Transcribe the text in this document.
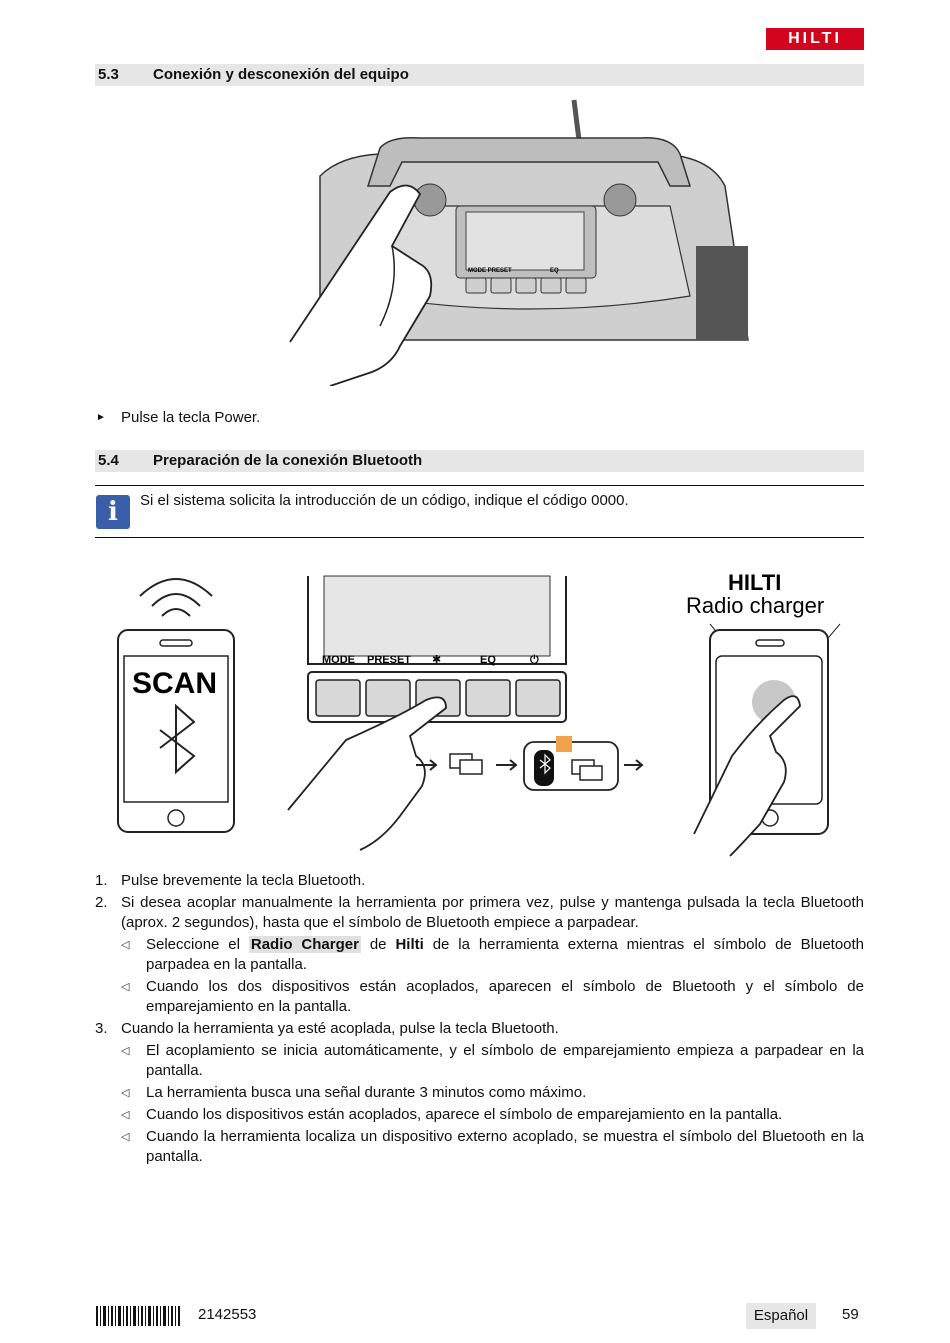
HILTI
5.3 Conexión y desconexión del equipo
MODE PRESET	EQ
► Pulse la tecla Power.
5.4 Preparación de la conexión Bluetooth
i	Si el sistema solicita la introducción de un código, indique el código 0000.
SCAN
MODE PRESET ✱	EQ	⏻
HILTI
Radio charger
1. Pulse brevemente la tecla Bluetooth.
2. Si desea acoplar manualmente la herramienta por primera vez, pulse y mantenga pulsada la tecla Bluetooth (aprox. 2 segundos), hasta que el símbolo de Bluetooth empiece a parpadear.
◁ Seleccione el Radio Charger de Hilti de la herramienta externa mientras el símbolo de Bluetooth parpadea en la pantalla.
◁ Cuando los dos dispositivos están acoplados, aparecen el símbolo de Bluetooth y el símbolo de emparejamiento en la pantalla.
3. Cuando la herramienta ya esté acoplada, pulse la tecla Bluetooth.
◁ El acoplamiento se inicia automáticamente, y el símbolo de emparejamiento empieza a parpadear en la pantalla.
◁ La herramienta busca una señal durante 3 minutos como máximo.
◁ Cuando los dispositivos están acoplados, aparece el símbolo de emparejamiento en la pantalla.
◁ Cuando la herramienta localiza un dispositivo externo acoplado, se muestra el símbolo del Bluetooth en la pantalla.
2142553	Español	59
